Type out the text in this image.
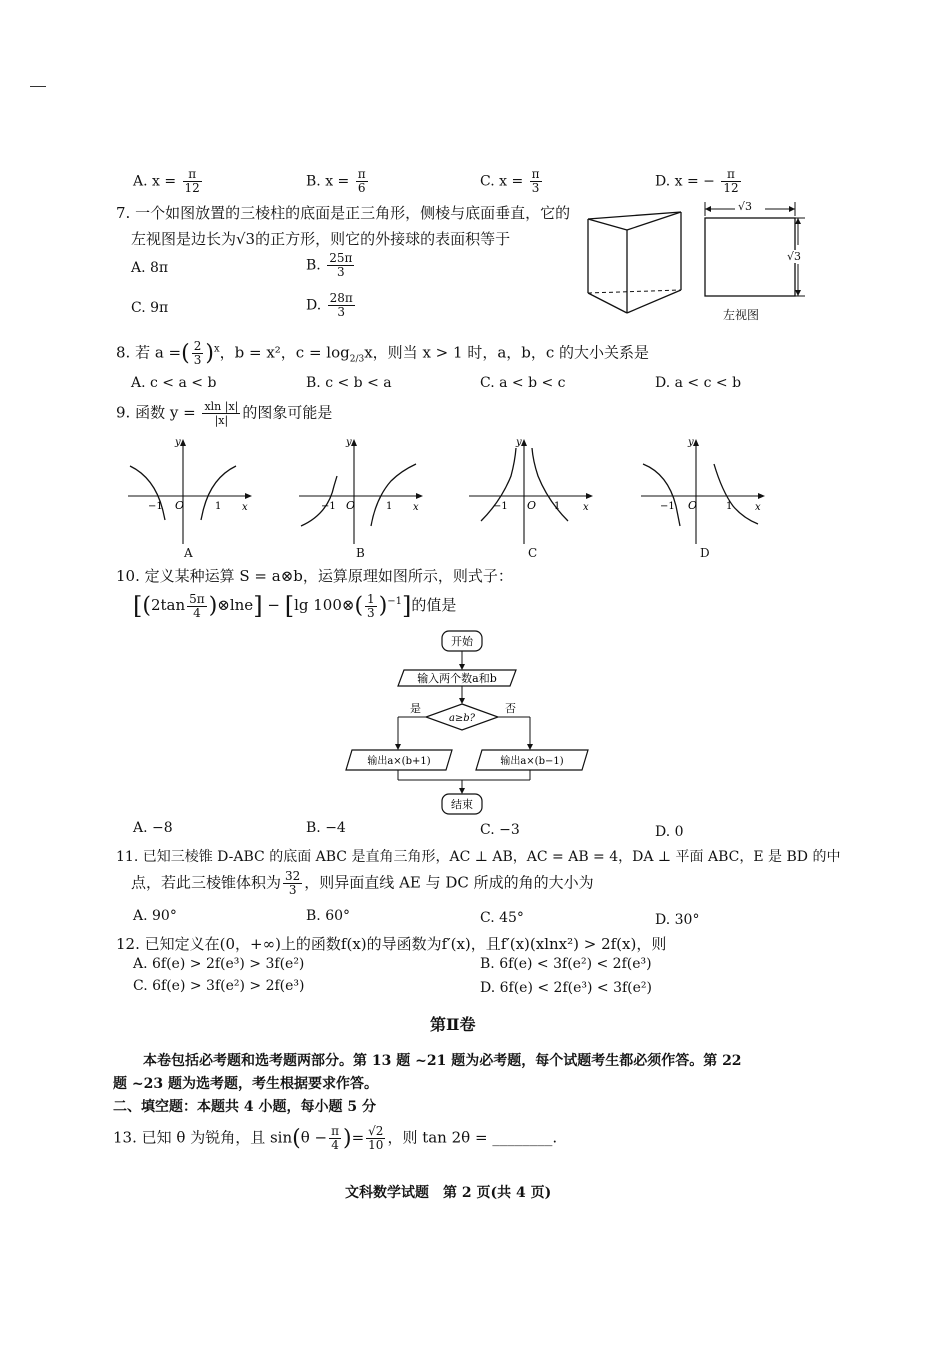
A. $x = \frac{\pi}{12}$	B. $x = \frac{\pi}{6}$	C. $x = \frac{\pi}{3}$	D. x = − $\frac{\pi}{12}$
7. 一个如图放置的三棱柱的底面是正三角形，侧棱与底面垂直，它的
左视图是边长为√3的正方形，则它的外接球的表面积等于
A. 8π	B. $\frac{25\pi}{3}$
C. 9π	D. $\frac{28\pi}{3}$
√3
√3
左视图
8. 若 a =( $\frac{2}{3} )^x$，b = x²，$c = \log_{2/3}x$，则当 x > 1 时，a，b，c 的大小关系是
A. c < a < b	B. c < b < a	C. a < b < c	D. a < c < b
9. 函数 $y = \frac{xln |x|}{|x|}$ 的图象可能是
y
x
O
−1	1
A
y
x
O
−1	1
B
y
x
O
−1	1
C
y
x
O
−1	1
D
10. 定义某种运算 S = a⊗b，运算原理如图所示，则式子：
[($2\tan \frac{5\pi}{4}$ )⊗lne] − [lg 100⊗( $\frac{1}{3} )^{-1}$]的值是
开始
输入两个数a和b
a≥b?
是	否
输出a×(b+1)	输出a×(b−1)
结束
A. −8	B. −4	C. −3	D. 0
11. 已知三棱锥 D-ABC 的底面 ABC 是直角三角形，AC ⊥ AB，AC = AB = 4，DA ⊥ 平面 ABC，E 是 BD 的中
点，若此三棱锥体积为 $\frac{32}{3}$ ，则异面直线 AE 与 DC 所成的角的大小为
A. 90°	B. 60°	C. 45°	D. 30°
12. 已知定义在(0，+∞)上的函数f(x)的导函数为f′(x)，且f′(x)(xlnx²) > 2f(x)，则
A. 6f(e) > 2f(e³) > 3f(e²)	B. 6f(e) < 3f(e²) < 2f(e³)
C. 6f(e) > 3f(e²) > 2f(e³)	D. 6f(e) < 2f(e³) < 3f(e²)
第Ⅱ卷
本卷包括必考题和选考题两部分。第 13 题 ~21 题为必考题，每个试题考生都必须作答。第 22
题 ~23 题为选考题，考生根据要求作答。
二、填空题：本题共 4 小题，每小题 5 分
13. 已知 θ 为锐角，且 $\sin(\theta - \frac{\pi}{4}$ )= $\frac{√2}{10}$ ，则 tan 2θ = ________.
文科数学试题　第 2 页(共 4 页)
